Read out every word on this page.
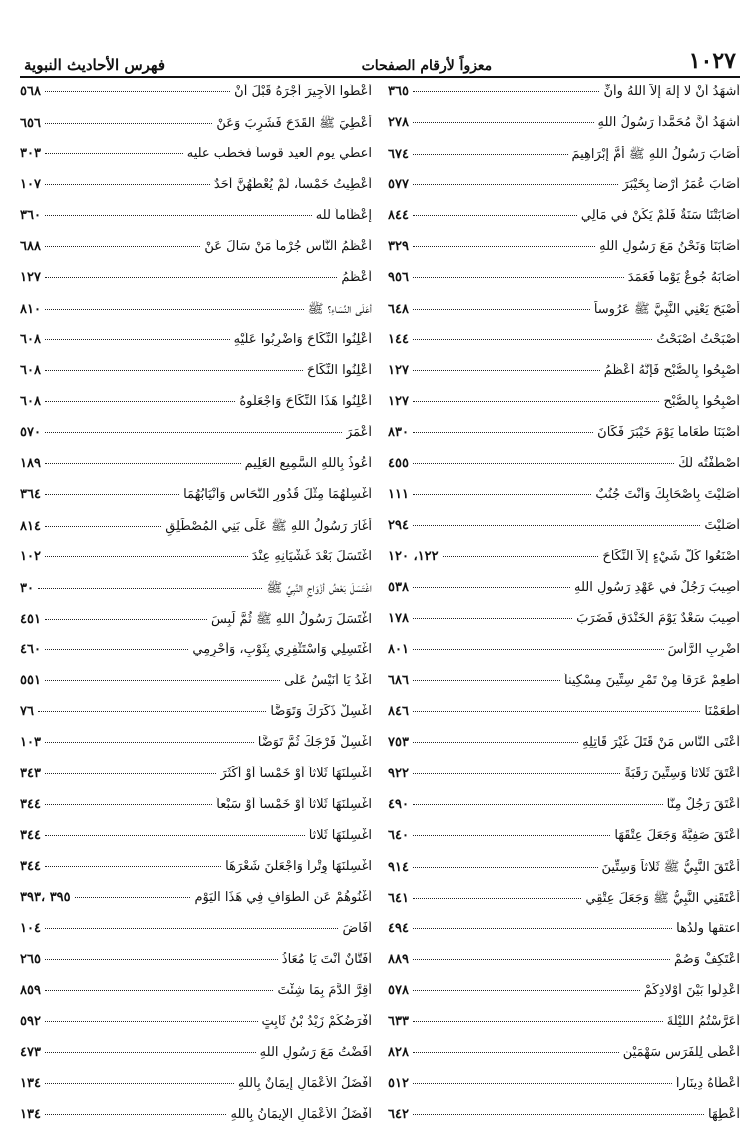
١٠٢٧
معزواً لأرقام الصفحات
فهرس الأحاديث النبوية
أشهَدُ أنْ لا إلهَ إلاَّ اللهُ وأنِّ
٣٦٥
أشهَدُ أنَّ مُحَمَّداً رَسُولُ اللهِ
٢٧٨
أصَابَ رَسُولُ اللهِ ﷺ أُمَّ إبْرَاهِيمَ
٦٧٤
أصَابَ عُمَرُ أرْضاً بِخَيْبَرَ
٥٧٧
أصَابَتْنَا سَنَةٌ فَلَمْ يَكُنْ في مَالِي
٨٤٤
أصَابَنَا وَنَحْنُ مَعَ رَسُولِ اللهِ
٣٢٩
أصَابَهُ جُوعٌ يَوْماً فَعَمَدَ
٩٥٦
أصْبَحَ يَعْنِي النَّبِيَّ ﷺ عَرُوساً
٦٤٨
أصْبَحْتُ أصْبَحْتُ
١٤٤
أصْبِحُوا بِالصُّبْحِ فَإِنَّهُ أعْظَمُ
١٢٧
أصْبِحُوا بِالصُّبْحِ
١٢٧
أصْبَنَا طَعَاماً يَوْمَ خَيْبَرَ فَكَانَ
٨٣٠
اصْطَفْتُه لَكَ
٤٥٥
أصَلَّيْتَ بِأَصْحَابِكَ وَأَنْتَ جُنُبٌ
١١١
أصَلَّيْتَ
٢٩٤
اصْنَعُوا كُلَّ شَيْءٍ إلاَّ النِّكَاحَ
١٢٢، ١٢٠
أُصِيبَ رَجُلٌ في عَهْدِ رَسُولِ اللهِ
٥٣٨
أُصِيبَ سَعْدٌ يَوْمَ الخَنْدَقِ فَضَرَبَ
١٧٨
اضْرِبِ الرَّأْسَ
٨٠١
أطْعِمْ عَرَقاً مِنْ تَمْرٍ سِتِّينَ مِسْكِيناً
٦٨٦
أطْعَمْنَا
٨٤٦
أعْتَى النَّاسِ مَنْ قَتَلَ غَيْرَ قَاتِلِهِ
٧٥٣
أعْتَقَ ثَلاثاً وَسِتِّينَ رَقَبَةً
٩٢٢
أعْتَقَ رَجُلٌ مِنَّا
٤٩٠
أعْتَقَ صَفِيَّةَ وَجَعَلَ عِتْقَهَا
٦٤٠
أعْتَقَ النَّبِيُّ ﷺ ثَلاثاً وَسِتِّينَ
٩١٤
أعْتَقَنِي النَّبِيُّ ﷺ وَجَعَلَ عِتْقِي
٦٤١
اعتقها ولدُها
٤٩٤
اعْتَكِفْ وَصُمْ
٨٨٩
اعْدِلُوا بَيْنَ أوْلادِكُمْ
٥٧٨
أعَرَّسْتُمُ اللَّيْلَةَ
٦٣٣
أعْطَى لِلْفَرَسِ سَهْمَيْنِ
٨٢٨
أعْطَاهُ دِينَاراً
٥١٢
أعْطِهَا
٦٤٢
أعْطُوا الأجِيرَ أجْرَهُ قَبْلَ أنْ
٥٦٨
أُعْطِيَ ﷺ القَدَحَ فَشَرِبَ وَعَنْ
٦٥٦
اعطي يوم العيد قوساً فخطب عليه
٣٠٣
أُعْطِيتُ خَمْساً، لَمْ يُعْطَهُنَّ أحَدٌ
١٠٧
إعْظَاماً لله
٣٦٠
أعْظَمُ النَّاسِ جُرْماً مَنْ سَأَلَ عَنْ
٦٨٨
أعْظَمُ
١٢٧
أعَلَى النِّسَاءِ؟ ﷺ
٨١٠
أعْلِنُوا النِّكَاحَ وَاضْرِبُوا عَلَيْهِ
٦٠٨
أعْلِنُوا النِّكَاحَ
٦٠٨
أعْلِنُوا هَذَا النِّكَاحَ وَاجْعَلُوهُ
٦٠٨
أعْمَرَ
٥٧٠
أعُوذُ بِاللهِ السَّمِيعِ العَلِيمِ
١٨٩
أغْسِلُهُمَا مِثْلَ قُدُورِ النُّحَاسِ وَأَنْيَابُهُمَا
٣٦٤
أغَارَ رَسُولُ اللهِ ﷺ عَلَى بَنِي المُصْطَلِقِ
٨١٤
اغْتَسَلَ بَعْدَ غَشْيَانِهِ عِنْدَ
١٠٢
اغْتَسَلَ بَعْضُ أزْوَاجِ النَّبِيِّ ﷺ
٣٠
اغْتَسَلَ رَسُولُ اللهِ ﷺ ثُمَّ لَبِسَ
٤٥١
اغْتَسِلِي وَاسْتَثْفِرِي بِثَوْبٍ، وَأَحْرِمِي
٤٦٠
اغْدُ يَا أُنَيْسُ عَلَى
٥٥١
اغْسِلْ ذَكَرَكَ وَتَوَضَّأْ
٧٦
اغْسِلْ فَرْجَكَ ثُمَّ تَوَضَّأْ
١٠٣
اغْسِلْنَهَا ثَلاثاً أوْ خَمْساً أوْ أكْثَرَ
٣٤٣
اغْسِلْنَهَا ثَلاثاً أوْ خَمْساً أوْ سَبْعاً
٣٤٤
اغْسِلْنَهَا ثَلاثاً
٣٤٤
اغْسِلْنَهَا وِتْراً وَاجْعَلْنَ شَعْرَهَا
٣٤٤
أغْنُوهُمْ عَنِ الطَّوَافِ فِي هَذَا اليَوْمِ
٣٩٥ ،٣٩٣
أفَاضَ
١٠٤
أفَتَّانٌ أنْتَ يَا مُعَاذُ
٢٦٥
أقِرَّ الدَّمَ بِمَا شِئْتَ
٨٥٩
أفْرَضُكُمْ زَيْدُ بْنُ ثَابِتٍ
٥٩٢
أفَضْتُ مَعَ رَسُولِ اللهِ
٤٧٣
أفْضَلُ الأعْمَالِ إيمَانٌ بِاللهِ
١٣٤
أفْضَلُ الأعْمَالِ الإيمَانُ بِاللهِ
١٣٤
